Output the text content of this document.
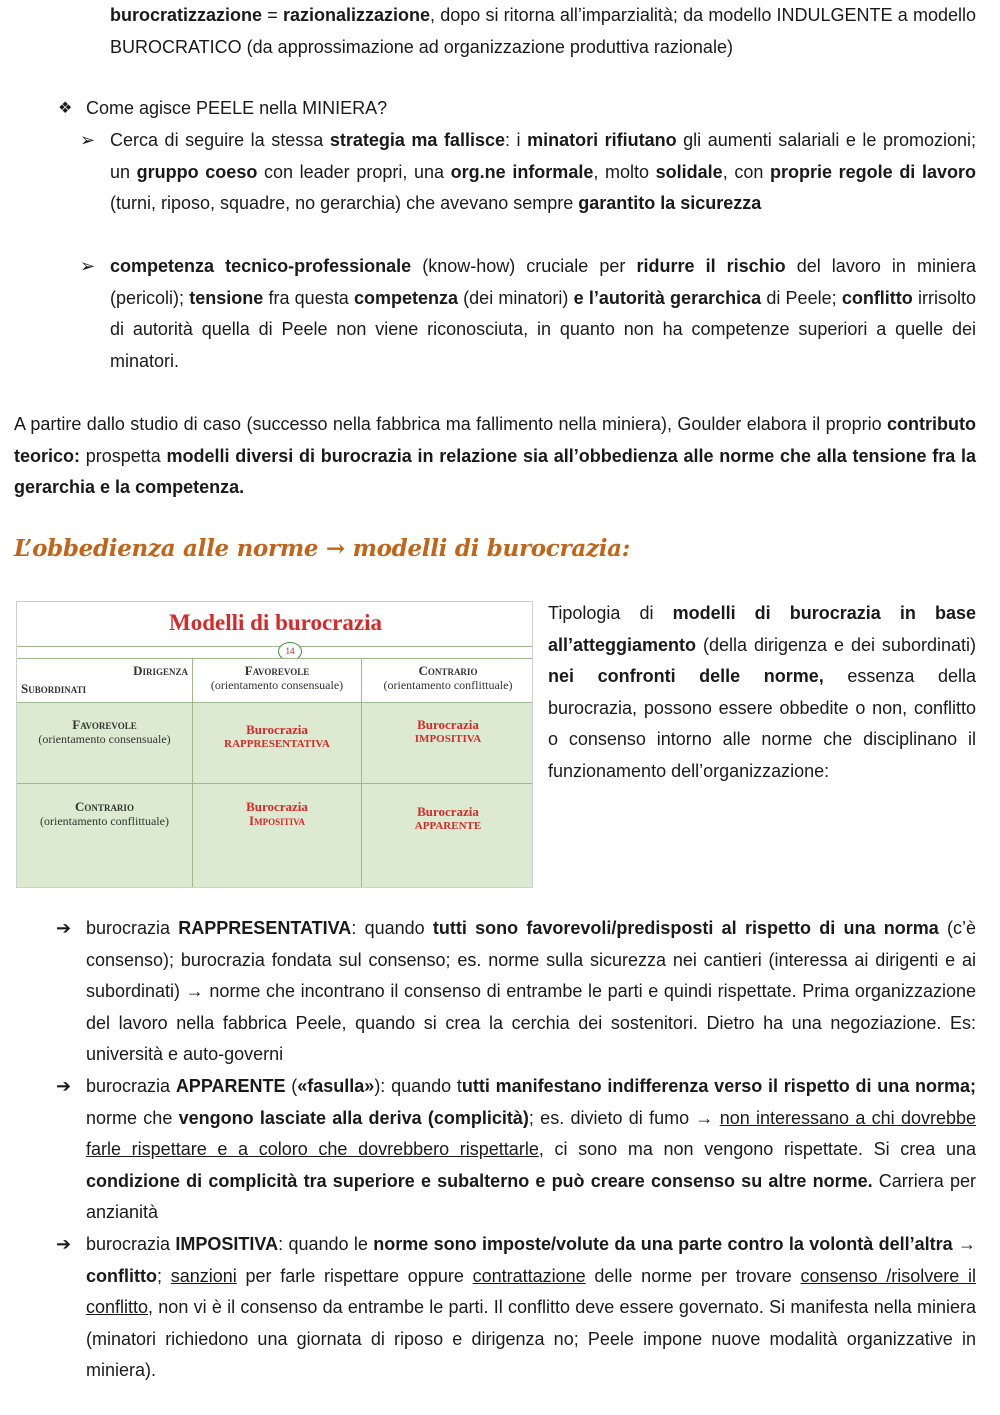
burocratizzazione = razionalizzazione, dopo si ritorna all’imparzialità; da modello INDULGENTE a modello BUROCRATICO (da approssimazione ad organizzazione produttiva razionale)
❖ Come agisce PEELE nella MINIERA?
➢ Cerca di seguire la stessa strategia ma fallisce: i minatori rifiutano gli aumenti salariali e le promozioni; un gruppo coeso con leader propri, una org.ne informale, molto solidale, con proprie regole di lavoro (turni, riposo, squadre, no gerarchia) che avevano sempre garantito la sicurezza
➢ competenza tecnico-professionale (know-how) cruciale per ridurre il rischio del lavoro in miniera (pericoli); tensione fra questa competenza (dei minatori) e l’autorità gerarchica di Peele; conflitto irrisolto di autorità quella di Peele non viene riconosciuta, in quanto non ha competenze superiori a quelle dei minatori.
A partire dallo studio di caso (successo nella fabbrica ma fallimento nella miniera), Goulder elabora il proprio contributo teorico: prospetta modelli diversi di burocrazia in relazione sia all’obbedienza alle norme che alla tensione fra la gerarchia e la competenza.
L’obbedienza alle norme → modelli di burocrazia:
Modelli di burocrazia
14
Dirigenza
Subordinati
Favorevole
(orientamento consensuale)
Contrario
(orientamento conflittuale)
Favorevole
(orientamento consensuale)
Burocrazia
RAPPRESENTATIVA
Burocrazia
IMPOSITIVA
Contrario
(orientamento conflittuale)
Burocrazia
Impositiva
Burocrazia
APPARENTE
Tipologia di modelli di burocrazia in base all’atteggiamento (della dirigenza e dei subordinati) nei confronti delle norme, essenza della burocrazia, possono essere obbedite o non, conflitto o consenso intorno alle norme che disciplinano il funzionamento dell’organizzazione:
➔ burocrazia RAPPRESENTATIVA: quando tutti sono favorevoli/predisposti al rispetto di una norma (c’è consenso); burocrazia fondata sul consenso; es. norme sulla sicurezza nei cantieri (interessa ai dirigenti e ai subordinati) → norme che incontrano il consenso di entrambe le parti e quindi rispettate. Prima organizzazione del lavoro nella fabbrica Peele, quando si crea la cerchia dei sostenitori. Dietro ha una negoziazione. Es: università e auto-governi
➔ burocrazia APPARENTE («fasulla»): quando tutti manifestano indifferenza verso il rispetto di una norma; norme che vengono lasciate alla deriva (complicità); es. divieto di fumo → non interessano a chi dovrebbe farle rispettare e a coloro che dovrebbero rispettarle, ci sono ma non vengono rispettate. Si crea una condizione di complicità tra superiore e subalterno e può creare consenso su altre norme. Carriera per anzianità
➔ burocrazia IMPOSITIVA: quando le norme sono imposte/volute da una parte contro la volontà dell’altra → conflitto; sanzioni per farle rispettare oppure contrattazione delle norme per trovare consenso /risolvere il conflitto, non vi è il consenso da entrambe le parti. Il conflitto deve essere governato. Si manifesta nella miniera (minatori richiedono una giornata di riposo e dirigenza no; Peele impone nuove modalità organizzative in miniera).
